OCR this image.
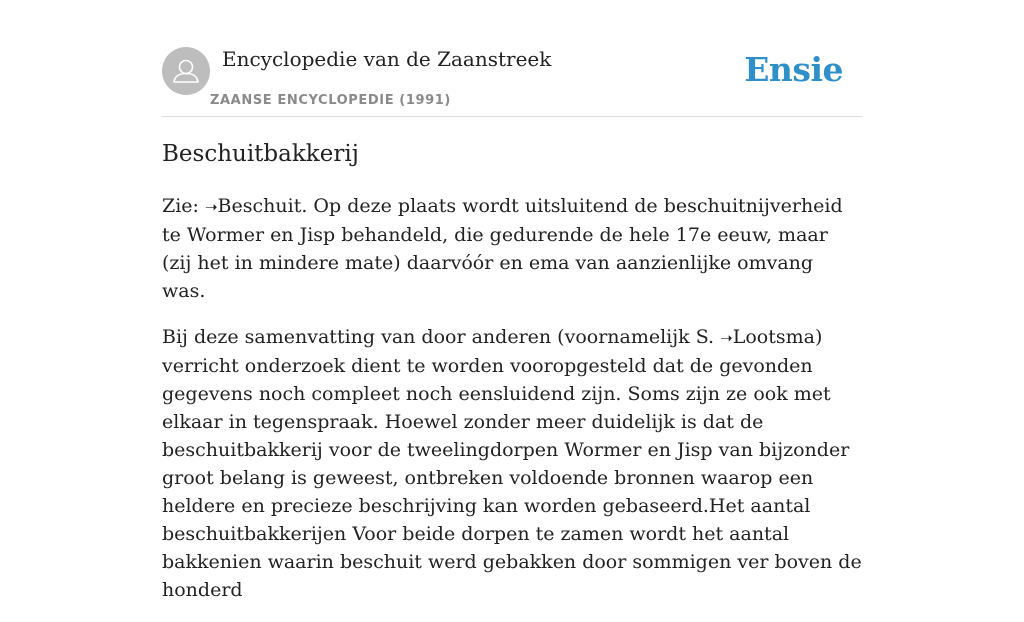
Encyclopedie van de Zaanstreek
ZAANSE ENCYCLOPEDIE (1991)
Ensie
Beschuitbakkerij

Zie: ➝Beschuit. Op deze plaats wordt uitsluitend de beschuitnijverheid te Wormer en Jisp behandeld, die gedurende de hele 17e eeuw, maar (zij het in mindere mate) daarvóór en ema van aanzienlijke omvang was.

Bij deze samenvatting van door anderen (voornamelijk S. ➝Lootsma) verricht onderzoek dient te worden vooropgesteld dat de gevonden gegevens noch compleet noch eensluidend zijn. Soms zijn ze ook met elkaar in tegenspraak. Hoewel zonder meer duidelijk is dat de beschuitbakkerij voor de tweelingdorpen Wormer en Jisp van bijzonder groot belang is geweest, ontbreken voldoende bronnen waarop een heldere en precieze beschrijving kan worden gebaseerd.Het aantal beschuitbakkerijen Voor beide dorpen te zamen wordt het aantal bakkenien waarin beschuit werd gebakken door sommigen ver boven de honderd
